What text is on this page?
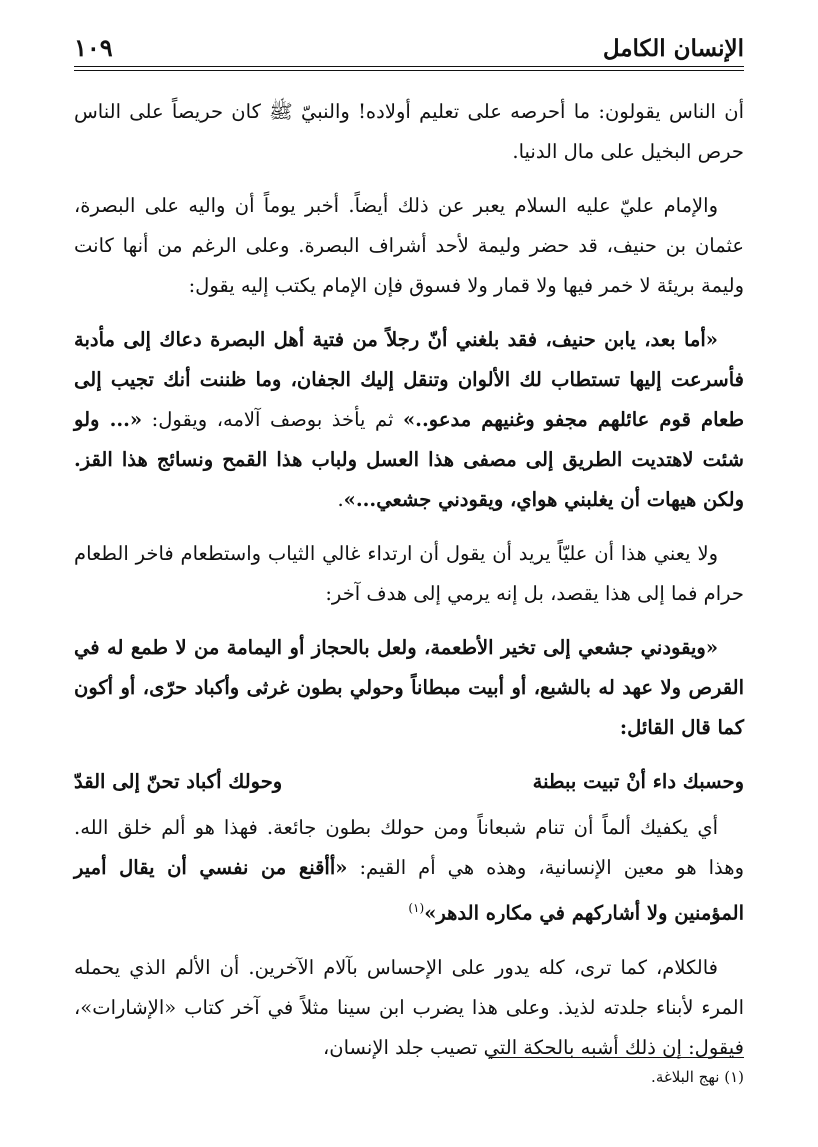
الإنسان الكامل
١٠٩

أن الناس يقولون: ما أحرصه على تعليم أولاده! والنبيّ ﷺ كان حريصاً على الناس حرص البخيل على مال الدنيا.

والإمام عليّ عليه السلام يعبر عن ذلك أيضاً. أخبر يوماً أن واليه على البصرة، عثمان بن حنيف، قد حضر وليمة لأحد أشراف البصرة. وعلى الرغم من أنها كانت وليمة بريئة لا خمر فيها ولا قمار ولا فسوق فإن الإمام يكتب إليه يقول:

«أما بعد، يابن حنيف، فقد بلغني أنّ رجلاً من فتية أهل البصرة دعاك إلى مأدبة فأسرعت إليها تستطاب لك الألوان وتنقل إليك الجفان، وما ظننت أنك تجيب إلى طعام قوم عائلهم مجفو وغنيهم مدعو..» ثم يأخذ بوصف آلامه، ويقول: «... ولو شئت لاهتديت الطريق إلى مصفى هذا العسل ولباب هذا القمح ونسائج هذا القز. ولكن هيهات أن يغلبني هواي، ويقودني جشعي...».

ولا يعني هذا أن عليّاً يريد أن يقول أن ارتداء غالي الثياب واستطعام فاخر الطعام حرام فما إلى هذا يقصد، بل إنه يرمي إلى هدف آخر:

«ويقودني جشعي إلى تخير الأطعمة، ولعل بالحجاز أو اليمامة من لا طمع له في القرص ولا عهد له بالشبع، أو أبيت مبطاناً وحولي بطون غرثى وأكباد حرّى، أو أكون كما قال القائل:

وحسبك داء أنْ تبيت ببطنة
وحولك أكباد تحنّ إلى القدّ

أي يكفيك ألماً أن تنام شبعاناً ومن حولك بطون جائعة. فهذا هو ألم خلق الله. وهذا هو معين الإنسانية، وهذه هي أم القيم: «أأقنع من نفسي أن يقال أمير المؤمنين ولا أشاركهم في مكاره الدهر»$^{(١)}$

فالكلام، كما ترى، كله يدور على الإحساس بآلام الآخرين. أن الألم الذي يحمله المرء لأبناء جلدته لذيذ. وعلى هذا يضرب ابن سينا مثلاً في آخر كتاب «الإشارات»، فيقول: إن ذلك أشبه بالحكة التي تصيب جلد الإنسان،

(١) نهج البلاغة.
